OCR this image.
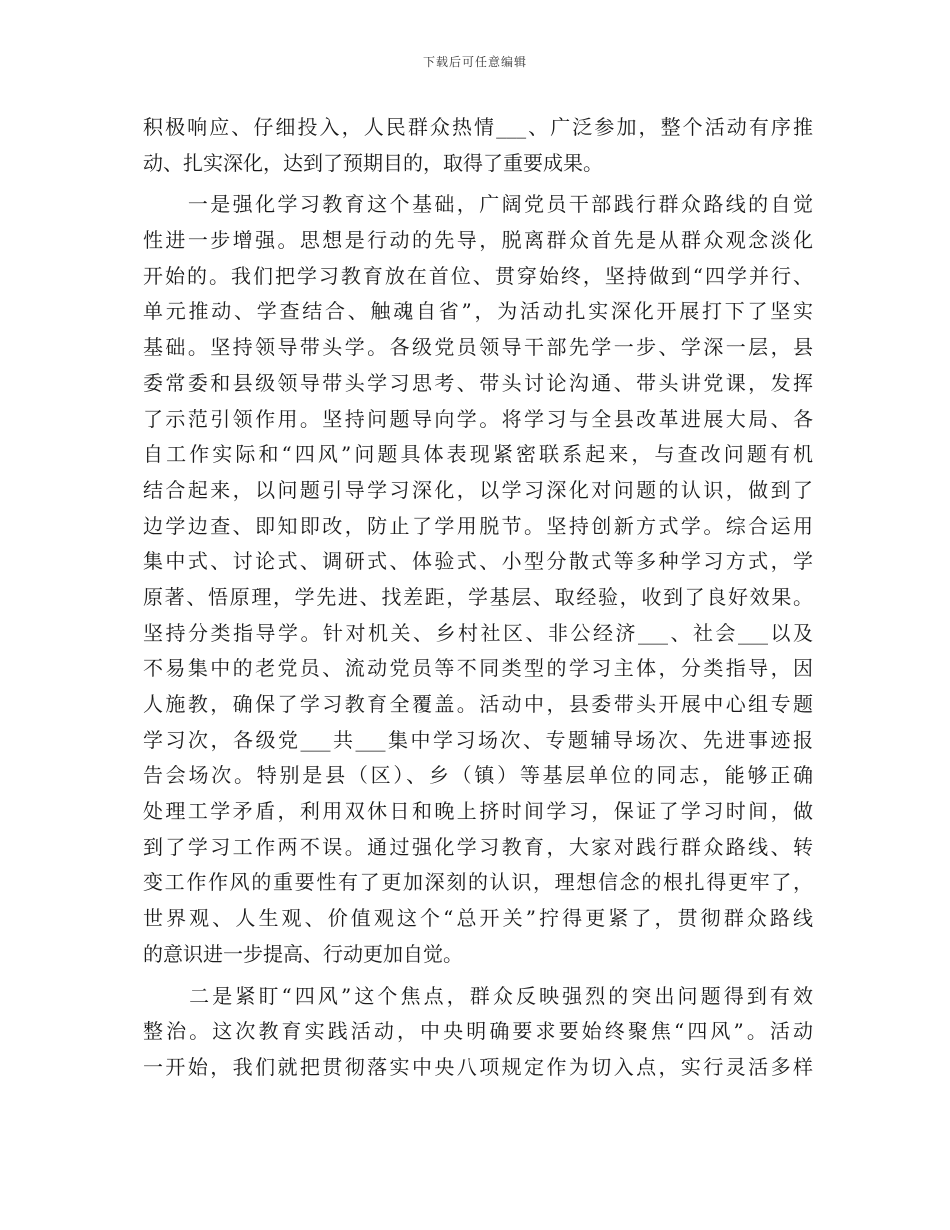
下载后可任意编辑
积极响应、仔细投入，人民群众热情___、广泛参加，整个活动有序推
动、扎实深化，达到了预期目的，取得了重要成果。
　　一是强化学习教育这个基础，广阔党员干部践行群众路线的自觉
性进一步增强。思想是行动的先导，脱离群众首先是从群众观念淡化
开始的。我们把学习教育放在首位、贯穿始终，坚持做到“四学并行、
单元推动、学查结合、触魂自省”，为活动扎实深化开展打下了坚实
基础。坚持领导带头学。各级党员领导干部先学一步、学深一层，县
委常委和县级领导带头学习思考、带头讨论沟通、带头讲党课，发挥
了示范引领作用。坚持问题导向学。将学习与全县改革进展大局、各
自工作实际和“四风”问题具体表现紧密联系起来，与查改问题有机
结合起来，以问题引导学习深化，以学习深化对问题的认识，做到了
边学边查、即知即改，防止了学用脱节。坚持创新方式学。综合运用
集中式、讨论式、调研式、体验式、小型分散式等多种学习方式，学
原著、悟原理，学先进、找差距，学基层、取经验，收到了良好效果。
坚持分类指导学。针对机关、乡村社区、非公经济___、社会___以及
不易集中的老党员、流动党员等不同类型的学习主体，分类指导，因
人施教，确保了学习教育全覆盖。活动中，县委带头开展中心组专题
学习次，各级党___共___集中学习场次、专题辅导场次、先进事迹报
告会场次。特别是县（区）、乡（镇）等基层单位的同志，能够正确
处理工学矛盾，利用双休日和晚上挤时间学习，保证了学习时间，做
到了学习工作两不误。通过强化学习教育，大家对践行群众路线、转
变工作作风的重要性有了更加深刻的认识，理想信念的根扎得更牢了，
世界观、人生观、价值观这个“总开关”拧得更紧了，贯彻群众路线
的意识进一步提高、行动更加自觉。
　　二是紧盯“四风”这个焦点，群众反映强烈的突出问题得到有效
整治。这次教育实践活动，中央明确要求要始终聚焦“四风”。活动
一开始，我们就把贯彻落实中央八项规定作为切入点，实行灵活多样
